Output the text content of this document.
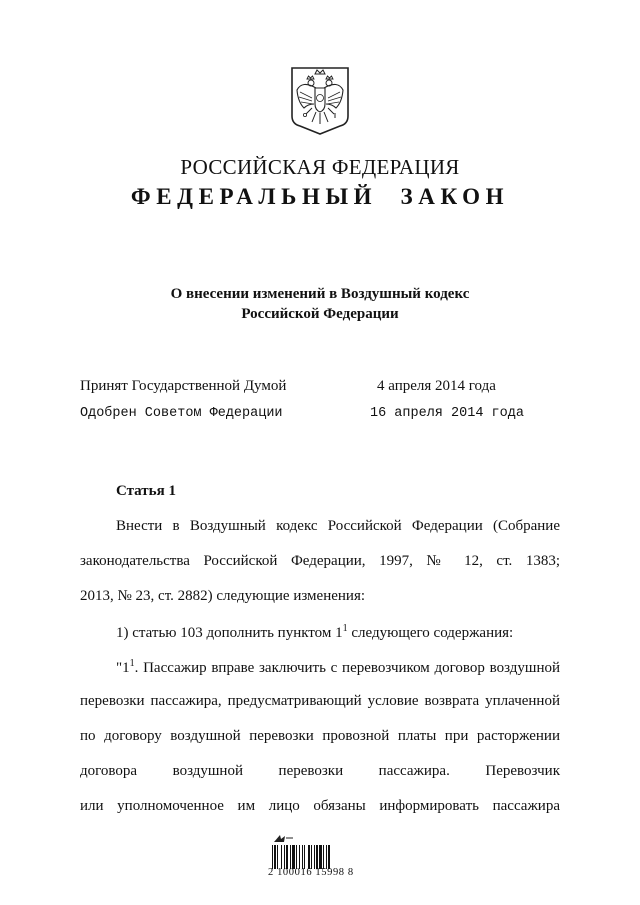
РОССИЙСКАЯ ФЕДЕРАЦИЯ
ФЕДЕРАЛЬНЫЙ ЗАКОН
О внесении изменений в Воздушный кодекс
Российской Федерации
Принят Государственной Думой	4 апреля 2014 года
Одобрен Советом Федерации	16 апреля 2014 года
Статья 1
Внести в Воздушный кодекс Российской Федерации (Собрание
законодательства Российской Федерации, 1997, № 12, ст. 1383;
2013, № 23, ст. 2882) следующие изменения:
1) статью 103 дополнить пунктом $1^1$ следующего содержания:
"$1^1$. Пассажир вправе заключить с перевозчиком договор воздушной
перевозки пассажира, предусматривающий условие возврата уплаченной
по договору воздушной перевозки провозной платы при расторжении
договора воздушной перевозки пассажира. Перевозчик
или уполномоченное им лицо обязаны информировать пассажира
2 100016 15998 8
